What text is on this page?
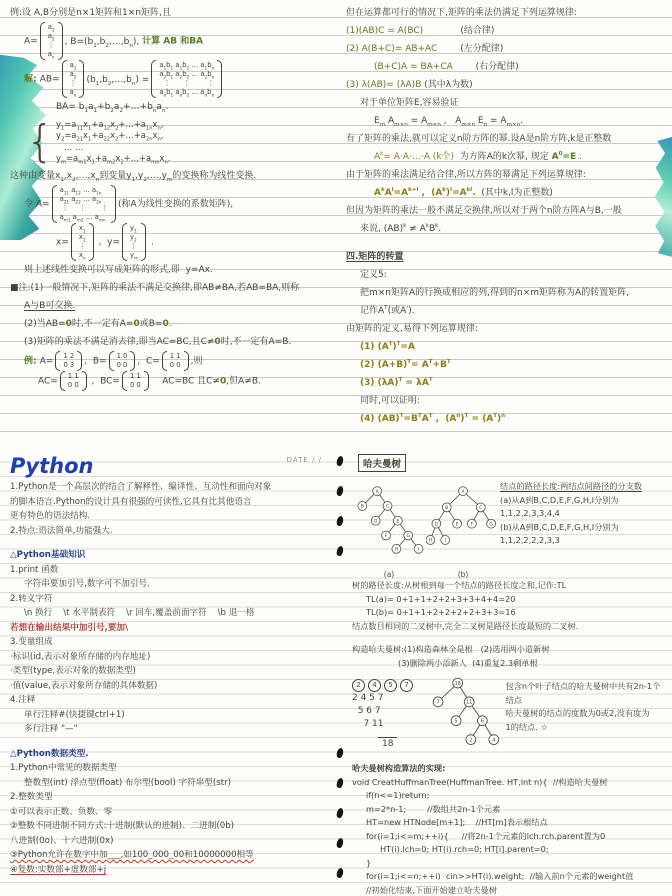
例:设 A,B分别是n×1矩阵和1×n矩阵,且
A=
$a_1$
$a_2$
⋮
$a_n$
, $B=(b_1,b_2,\dots,b_n)$, 计算 AB 和BA
解: AB=
$a_1$
$a_2$
⋮
$a_n$
$(b_1,b_2,\dots,b_n)$ =
$a_1b_1$ $a_1b_2$ … $a_1b_n$
$a_2b_1$ $a_2b_2$ … $a_2b_n$
⋮      ⋮        ⋮
$a_nb_1$ $a_nb_2$ … $a_nb_n$
$BA= b_1a_1+b_2a_2+\dots+b_na_n$.
{ $y_1=a_{11}x_1+a_{12}x_2+\dots+a_{1n}x_n$,
$y_2=a_{21}x_1+a_{22}x_2+\dots+a_{2n}x_n$,
… …
$y_m=a_{m1}x_1+a_{m2}x_2+\dots+a_{mn}x_n$.
这种由变量$x_1,x_2,\dots,x_n$到变量$y_1,y_2,\dots,y_m$的变换称为线性变换.
令 A=
$a_{11}$ $a_{12}$ … $a_{1n}$
$a_{21}$ $a_{22}$ … $a_{2n}$
⋮     ⋮       ⋮
$a_{m1}$ $a_{m2}$ … $a_{mn}$
(称A为线性变换的系数矩阵),
x=
$x_1$
$x_2$
⋮
$x_n$
,  y=
$y_1$
$y_2$
⋮
$y_m$
.
则上述线性变换可以写成矩阵的形式,即  y=Ax.
■注:(1)一般情况下,矩阵的乘法不满足交换律,即AB≠BA,若AB=BA,则称
A与B可交换.
(2)当AB=0时,不一定有A=0或B=0.
(3)矩阵的乘法不满足消去律,即当AC=BC,且C≠0时,不一定有A=B.
例: A=
1 2
0 3 ,  B=
1 0
0 0 ,  C=
1 1
0 0 ,则
AC=
1 1
0 0 ,  BC=
1 1
0 0 AC=BC 且C≠0,但A≠B.
但在运算都可行的情况下,矩阵的乘法仍满足下列运算规律:
(1)(AB)C = A(BC)             (结合律)
(2) A(B+C)= AB+AC        (左分配律)
(B+C)A = BA+CA        (右分配律)
(3) λ(AB)= (λA)B (其中λ为数)
对于单位矩阵E,容易验证
$E_m$ $A_{m\times n} = A_{m\times n}$ ,   $A_{m\times n}$ $E_n = A_{m\times n}$.
有了矩阵的乘法,就可以定义n阶方阵的幂.设A是n阶方阵,k是正整数
$A^k=$ A·A·…·A (k个)  为方阵A的k次幂, 规定 $A^0=E$ .
由于矩阵的乘法满足结合律,所以方阵的幂满足下列运算规律:
$A^kA^l=A^{k+l}$ ,  $(A^k)^l=A^{kl}$.  (其中k,l为正整数)
但因为矩阵的乘法一般不满足交换律,所以对于两个n阶方阵A与B,一般
来说, $(AB)^k \ne A^kB^k$.
四.矩阵的转置
定义5:
把m×n矩阵A的行换成相应的列,得到的n×m矩阵称为A的转置矩阵,
记作$A^T$(或A′).
由矩阵的定义,易得下列运算规律:
(1) $(A^T)^T=A$
(2) $(A+B)^T= A^T+B^T$
(3) $(\lambda A)^T = \lambda A^T$
同时,可以证明:
(4) $(AB)^T=B^TA^T$ ,  $(A^n)^T = (A^T)^n$
DATE / /
Python
1.Python是一个高层次的结合了解释性、编译性、互动性和面向对象
的脚本语言.Python的设计具有很强的可读性,它具有比其他语言
更有特色的语法结构.
2.特点:语法简单,功能强大.
△Python基础知识
1.print 函数
字符串要加引号,数字可不加引号.
2.转义字符
\n 换行    \t 水平制表符    \r 回车,覆盖前面字符    \b 退一格
若想在输出结果中加引号,要加\
3.变量组成
·标识(id,表示对象所存储的内存地址)
·类型(type,表示对象的数据类型)
·值(value,表示对象所存储的具体数据)
4.注释
单行注释#(快捷键ctrl+1)
多行注释 "—"
△Python数据类型.
1.Python中常见的数据类型
整数型(int) 浮点型(float) 布尔型(bool) 字符串型(str)
2.整数类型
①可以表示正数、负数、零
②整数不同进制不同方式:十进制(默认的进制)、二进制(0b)
八进制(0o)、十六进制(0x)
③Python允许在数字中加___,如100_000_00和10000000相等
④复数:实数部+虚数部+j
哈夫曼树
A
B	C
D	E
F	G
H	I
(a)
A
B	C
D	E F	G
H I
(b)
结点的路径长度:两结点间路径的分支数
(a)从A到B,C,D,E,F,G,H,I分别为1,1,2,2,3,3,4,4
(b)从A到B,C,D,E,F,G,H,I分别为1,1,2,2,2,2,3,3
树的路径长度:从树根到每一个结点的路径长度之和,记作:TL
TL(a)= 0+1+1+2+2+3+3+4+4=20
TL(b)= 0+1+1+2+2+2+2+3+3=16
结点数目相同的二叉树中,完全二叉树是路径长度最短的二叉树.
构造哈夫曼树:(1)构造森林全是根   (2)选用两小造新树
(3)删除两小添新人  (4)重复2.3剩单根
2 4 5 7
2 4 5 7
5 6 7
7 11
18
18
7	11
5	6
2	4
包含n个叶子结点的哈夫曼树中共有2n-1个结点
哈夫曼树的结点的度数为0或2,没有度为
1的结点. ☆
哈夫曼树构造算法的实现:
void CreatHuffmanTree(HuffmanTree. HT,int n){  //构造哈夫曼树
if(n<=1)return;
m=2*n-1;        //数组共2n-1个元素
HT=new HTNode[m+1];    //HT[m]表示根结点
for(i=1;i<=m;++i){     //将2n-1个元素的lch.rch.parent置为0
HT(i).lch=0; HT(i).rch=0; HT[i].parent=0;
}
for(i=1;i<=n;++i)  cin>>HT(i).weight;  //输入前n个元素的weight值
//初始化结束,下面开始建立哈夫曼树
